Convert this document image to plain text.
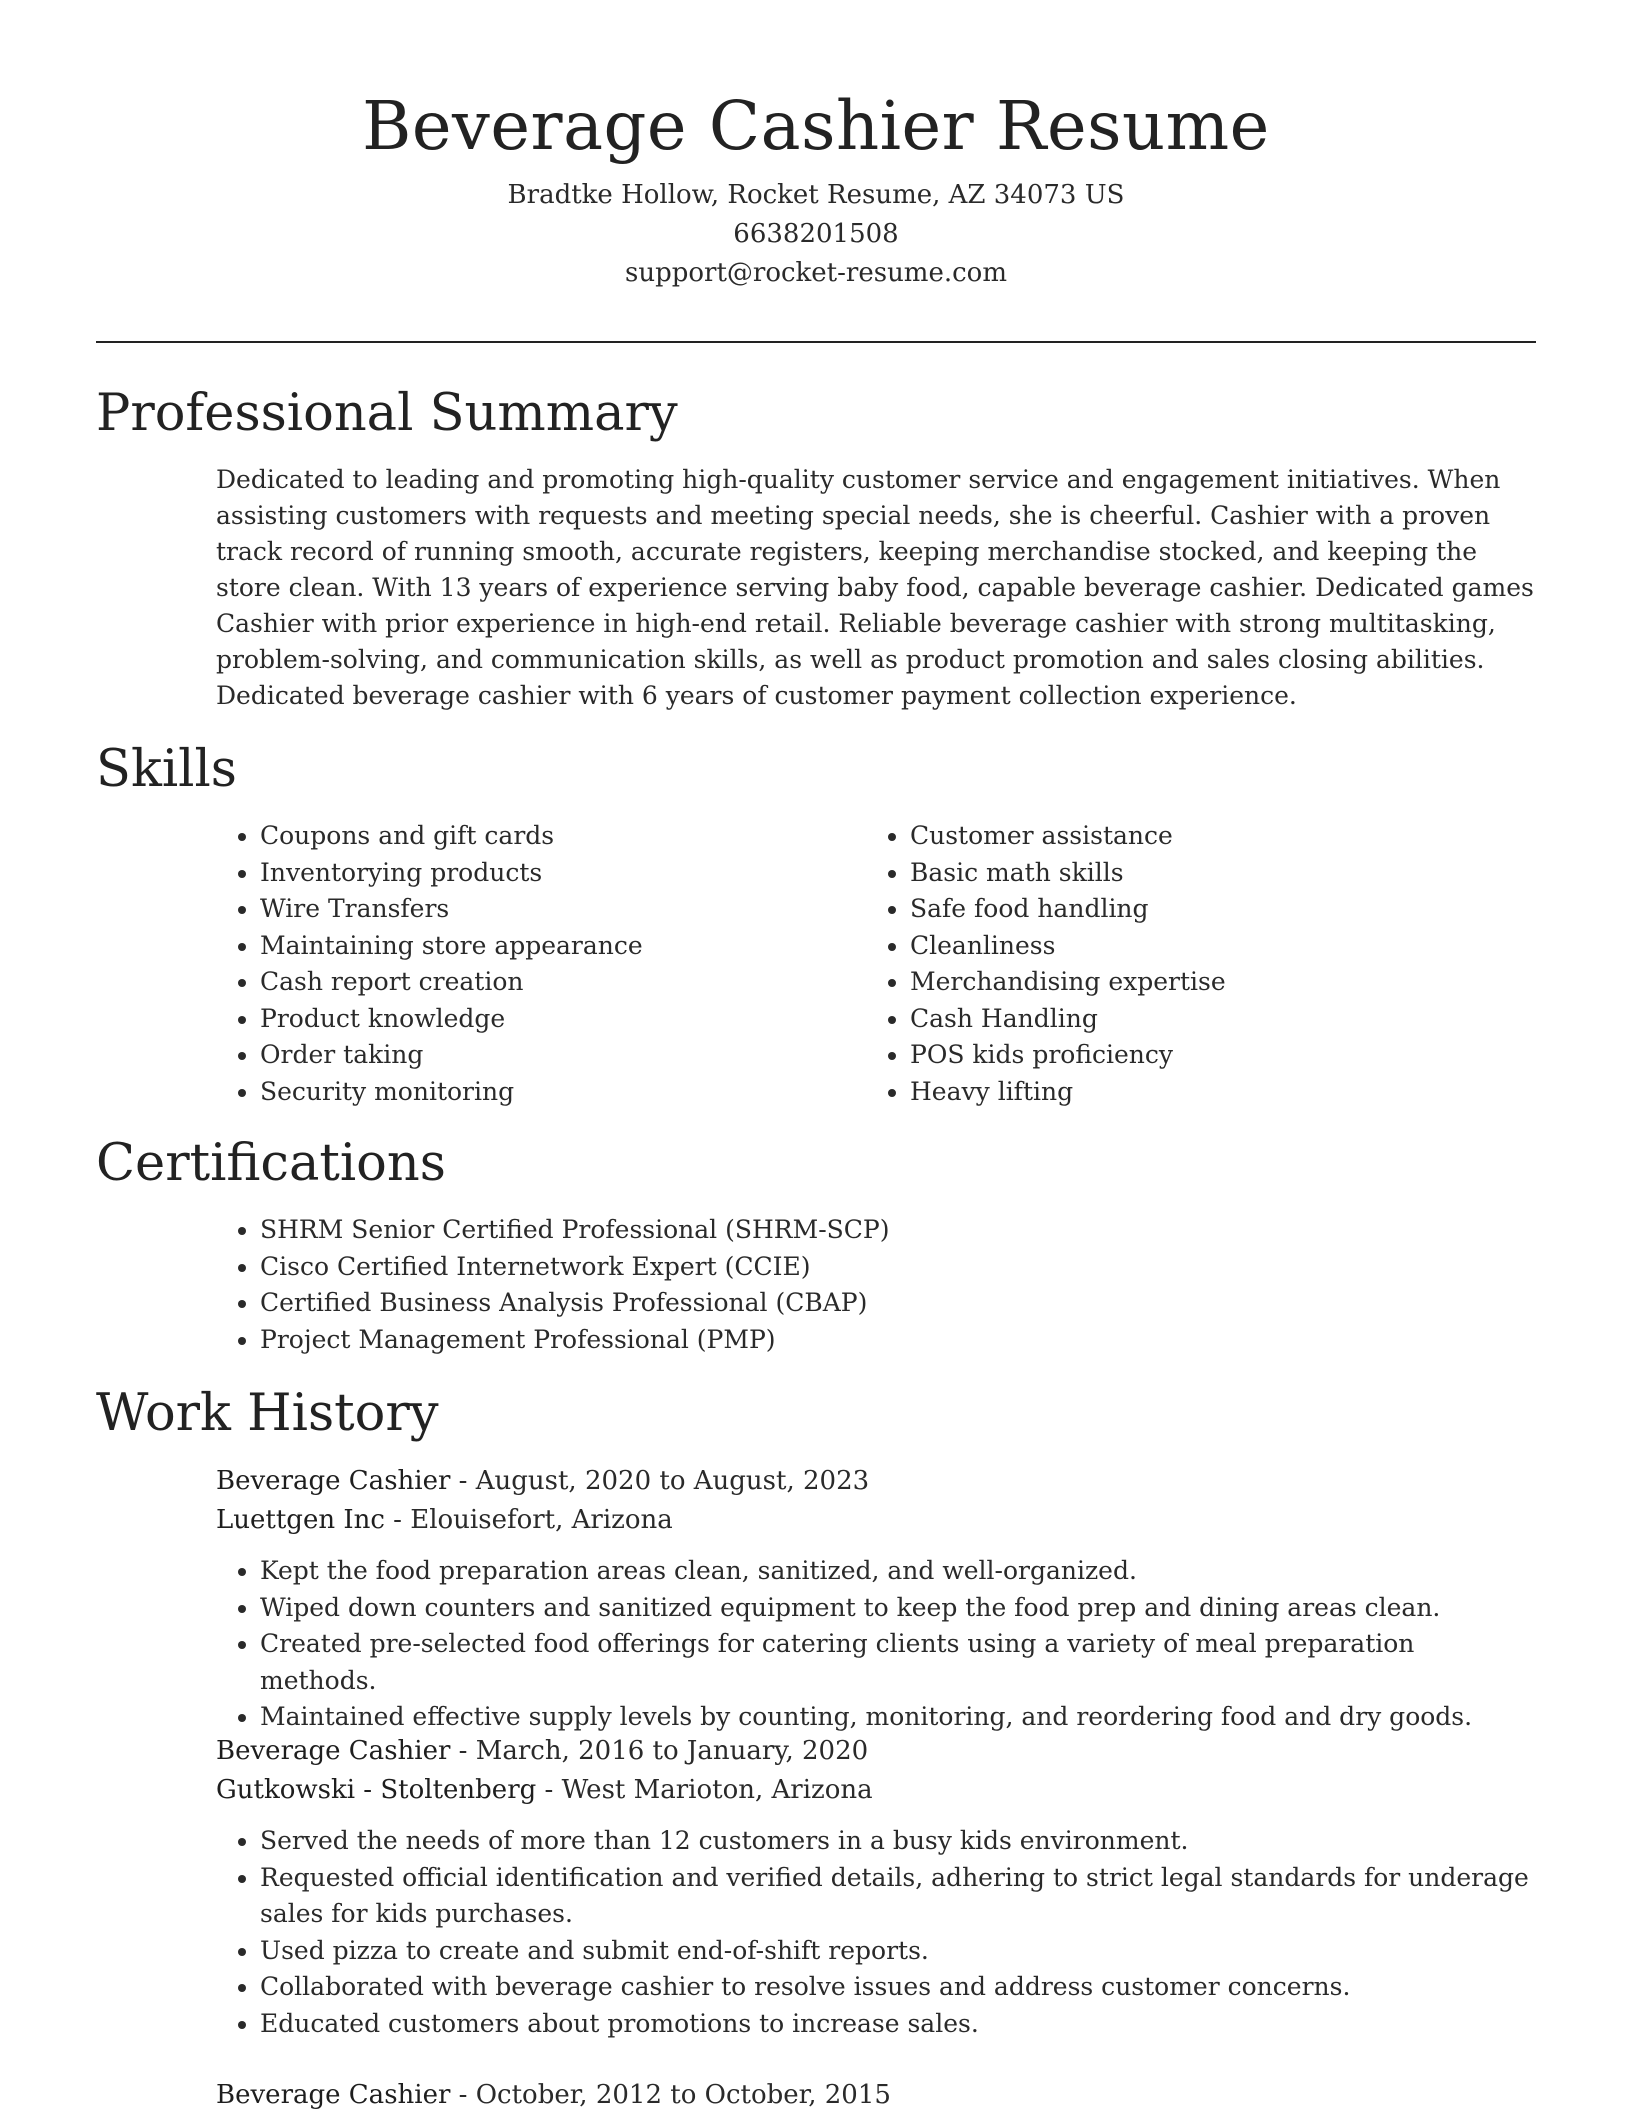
Beverage Cashier Resume
Bradtke Hollow, Rocket Resume, AZ 34073 US
6638201508
support@rocket-resume.com
Professional Summary

Dedicated to leading and promoting high-quality customer service and engagement initiatives. When assisting customers with requests and meeting special needs, she is cheerful. Cashier with a proven track record of running smooth, accurate registers, keeping merchandise stocked, and keeping the store clean. With 13 years of experience serving baby food, capable beverage cashier. Dedicated games Cashier with prior experience in high-end retail. Reliable beverage cashier with strong multitasking, problem-solving, and communication skills, as well as product promotion and sales closing abilities. Dedicated beverage cashier with 6 years of customer payment collection experience.

Skills
• Coupons and gift cards
• Inventorying products
• Wire Transfers
• Maintaining store appearance
• Cash report creation
• Product knowledge
• Order taking
• Security monitoring
• Customer assistance
• Basic math skills
• Safe food handling
• Cleanliness
• Merchandising expertise
• Cash Handling
• POS kids proficiency
• Heavy lifting
Certifications
• SHRM Senior Certified Professional (SHRM-SCP)
• Cisco Certified Internetwork Expert (CCIE)
• Certified Business Analysis Professional (CBAP)
• Project Management Professional (PMP)
Work History
Beverage Cashier - August, 2020 to August, 2023
Luettgen Inc - Elouisefort, Arizona
• Kept the food preparation areas clean, sanitized, and well-organized.
• Wiped down counters and sanitized equipment to keep the food prep and dining areas clean.
• Created pre-selected food offerings for catering clients using a variety of meal preparation methods.
• Maintained effective supply levels by counting, monitoring, and reordering food and dry goods.
Beverage Cashier - March, 2016 to January, 2020
Gutkowski - Stoltenberg - West Marioton, Arizona
• Served the needs of more than 12 customers in a busy kids environment.
• Requested official identification and verified details, adhering to strict legal standards for underage sales for kids purchases.
• Used pizza to create and submit end-of-shift reports.
• Collaborated with beverage cashier to resolve issues and address customer concerns.
• Educated customers about promotions to increase sales.
Beverage Cashier - October, 2012 to October, 2015
